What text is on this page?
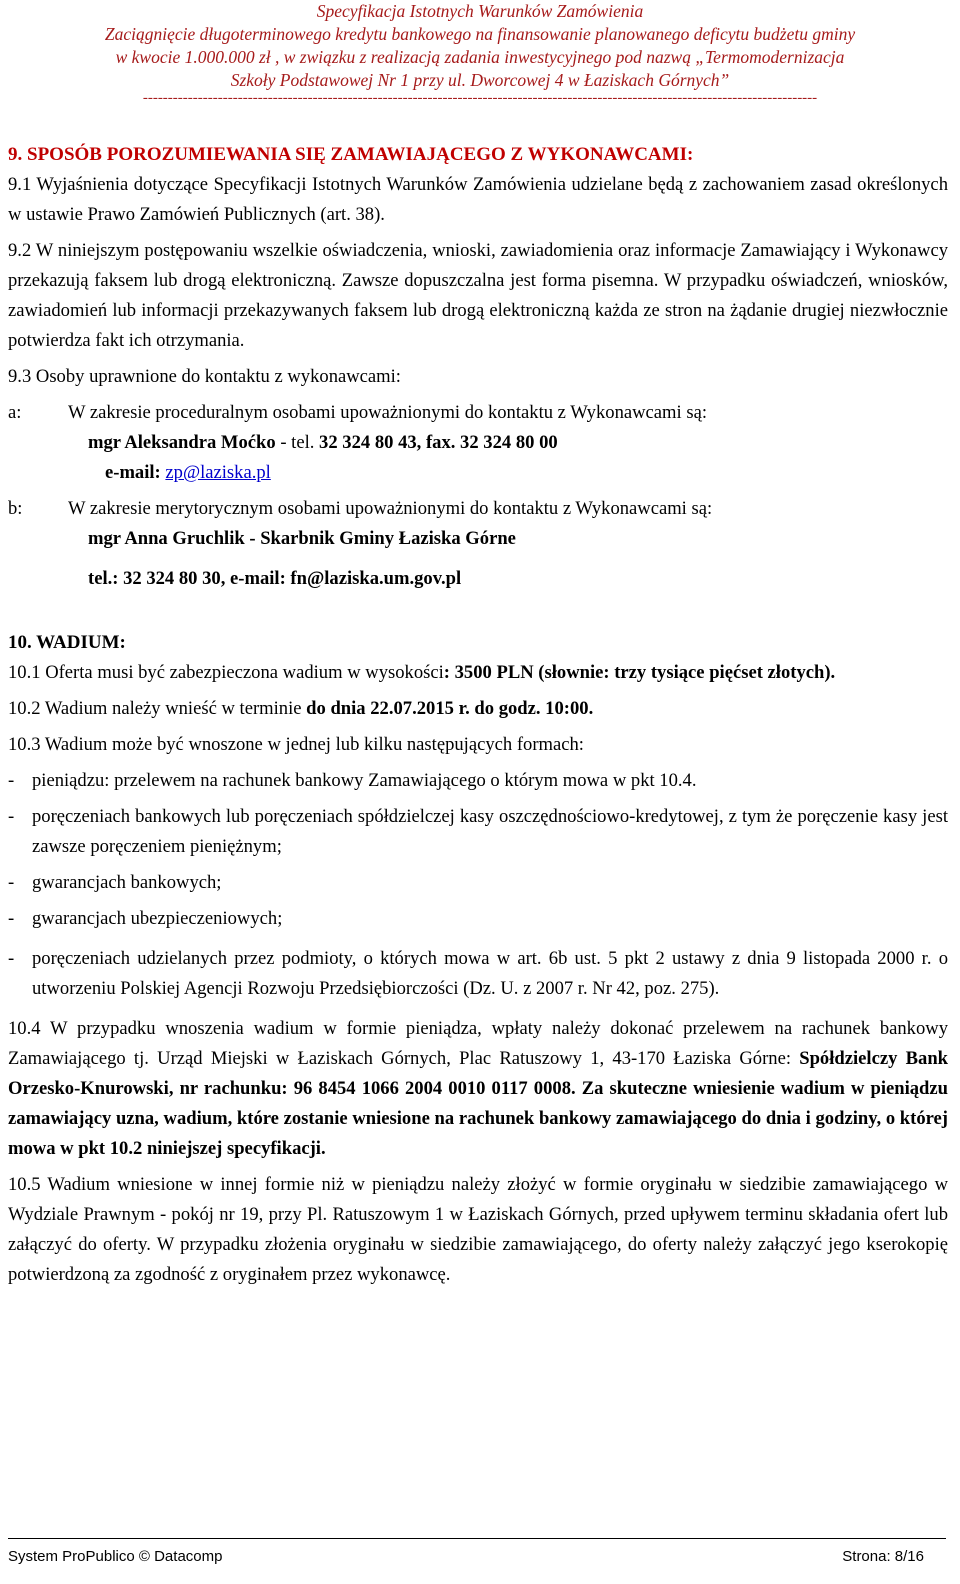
Specyfikacja Istotnych Warunków Zamówienia
Zaciągnięcie długoterminowego kredytu bankowego na finansowanie planowanego deficytu budżetu gminy
w kwocie 1.000.000 zł , w związku z realizacją zadania inwestycyjnego pod nazwą „Termomodernizacja
Szkoły Podstawowej Nr 1 przy ul. Dworcowej 4 w Łaziskach Górnych”
---------------------------------------------------------------------------------------------------------------------------------------
9. SPOSÓB POROZUMIEWANIA SIĘ ZAMAWIAJĄCEGO Z WYKONAWCAMI:

9.1 Wyjaśnienia dotyczące Specyfikacji Istotnych Warunków Zamówienia udzielane będą z zachowaniem zasad określonych w ustawie Prawo Zamówień Publicznych (art. 38).

9.2 W niniejszym postępowaniu wszelkie oświadczenia, wnioski, zawiadomienia oraz informacje Zamawiający i Wykonawcy przekazują faksem lub drogą elektroniczną. Zawsze dopuszczalna jest forma pisemna. W przypadku oświadczeń, wniosków, zawiadomień lub informacji przekazywanych faksem lub drogą elektroniczną każda ze stron na żądanie drugiej niezwłocznie potwierdza fakt ich otrzymania.

9.3 Osoby uprawnione do kontaktu z wykonawcami:

a:	W zakresie proceduralnym osobami upoważnionymi do kontaktu z Wykonawcami są:
mgr Aleksandra Moćko - tel. 32 324 80 43, fax. 32 324 80 00
e-mail: zp@laziska.pl
b:	W zakresie merytorycznym osobami upoważnionymi do kontaktu z Wykonawcami są:
mgr Anna Gruchlik - Skarbnik Gminy Łaziska Górne
tel.: 32 324 80 30, e-mail: fn@laziska.um.gov.pl
10. WADIUM:

10.1 Oferta musi być zabezpieczona wadium w wysokości: 3500 PLN (słownie: trzy tysiące pięćset złotych).

10.2 Wadium należy wnieść w terminie do dnia 22.07.2015 r. do godz. 10:00.

10.3 Wadium może być wnoszone w jednej lub kilku następujących formach:

- pieniądzu: przelewem na rachunek bankowy Zamawiającego o którym mowa w pkt 10.4.
- poręczeniach bankowych lub poręczeniach spółdzielczej kasy oszczędnościowo-kredytowej, z tym że poręczenie kasy jest zawsze poręczeniem pieniężnym;
- gwarancjach bankowych;
- gwarancjach ubezpieczeniowych;
- poręczeniach udzielanych przez podmioty, o których mowa w art. 6b ust. 5 pkt 2 ustawy z dnia 9 listopada 2000 r. o utworzeniu Polskiej Agencji Rozwoju Przedsiębiorczości (Dz. U. z 2007 r. Nr 42, poz. 275).

10.4 W przypadku wnoszenia wadium w formie pieniądza, wpłaty należy dokonać przelewem na rachunek bankowy Zamawiającego tj. Urząd Miejski w Łaziskach Górnych, Plac Ratuszowy 1, 43-170 Łaziska Górne: Spółdzielczy Bank Orzesko-Knurowski, nr rachunku: 96 8454 1066 2004 0010 0117 0008. Za skuteczne wniesienie wadium w pieniądzu zamawiający uzna, wadium, które zostanie wniesione na rachunek bankowy zamawiającego do dnia i godziny, o której mowa w pkt 10.2 niniejszej specyfikacji.

10.5 Wadium wniesione w innej formie niż w pieniądzu należy złożyć w formie oryginału w siedzibie zamawiającego w Wydziale Prawnym - pokój nr 19, przy Pl. Ratuszowym 1 w Łaziskach Górnych, przed upływem terminu składania ofert lub załączyć do oferty. W przypadku złożenia oryginału w siedzibie zamawiającego, do oferty należy załączyć jego kserokopię potwierdzoną za zgodność z oryginałem przez wykonawcę.

System ProPublico © Datacomp	Strona: 8/16
